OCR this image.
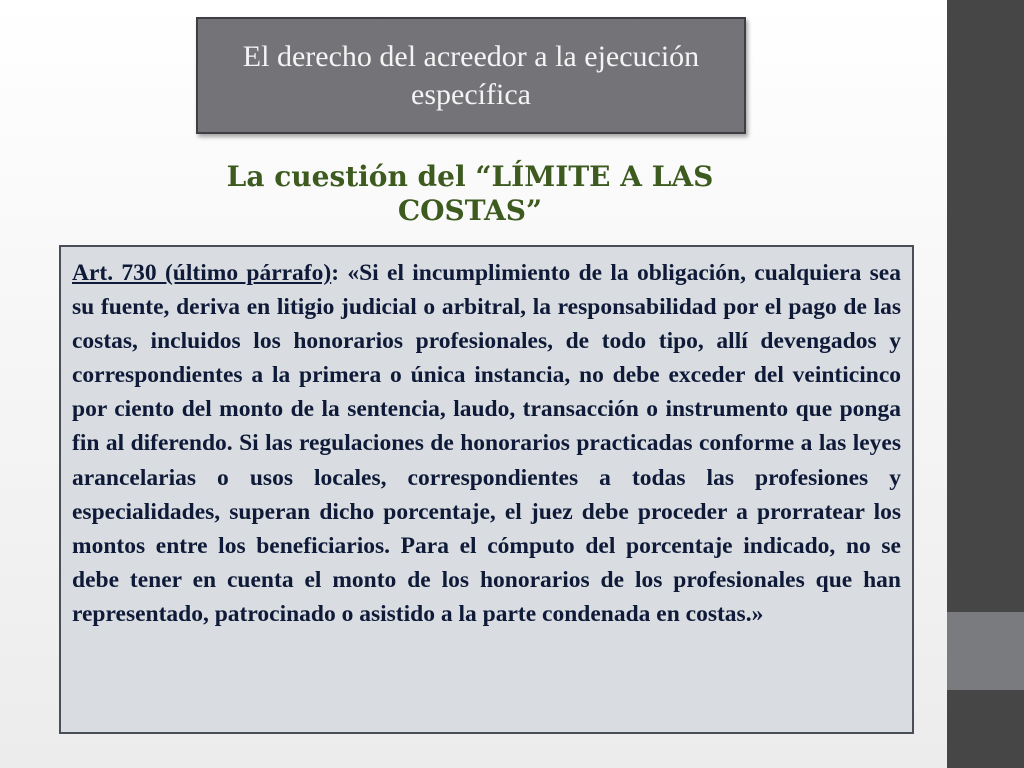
El derecho del acreedor a la ejecución específica
La cuestión del “LÍMITE A LAS COSTAS”

Art. 730 (último párrafo): «Si el incumplimiento de la obligación, cualquiera sea su fuente, deriva en litigio judicial o arbitral, la responsabilidad por el pago de las costas, incluidos los honorarios profesionales, de todo tipo, allí devengados y correspondientes a la primera o única instancia, no debe exceder del veinticinco por ciento del monto de la sentencia, laudo, transacción o instrumento que ponga fin al diferendo. Si las regulaciones de honorarios practicadas conforme a las leyes arancelarias o usos locales, correspondientes a todas las profesiones y especialidades, superan dicho porcentaje, el juez debe proceder a prorratear los montos entre los beneficiarios. Para el cómputo del porcentaje indicado, no se debe tener en cuenta el monto de los honorarios de los profesionales que han representado, patrocinado o asistido a la parte condenada en costas.»
